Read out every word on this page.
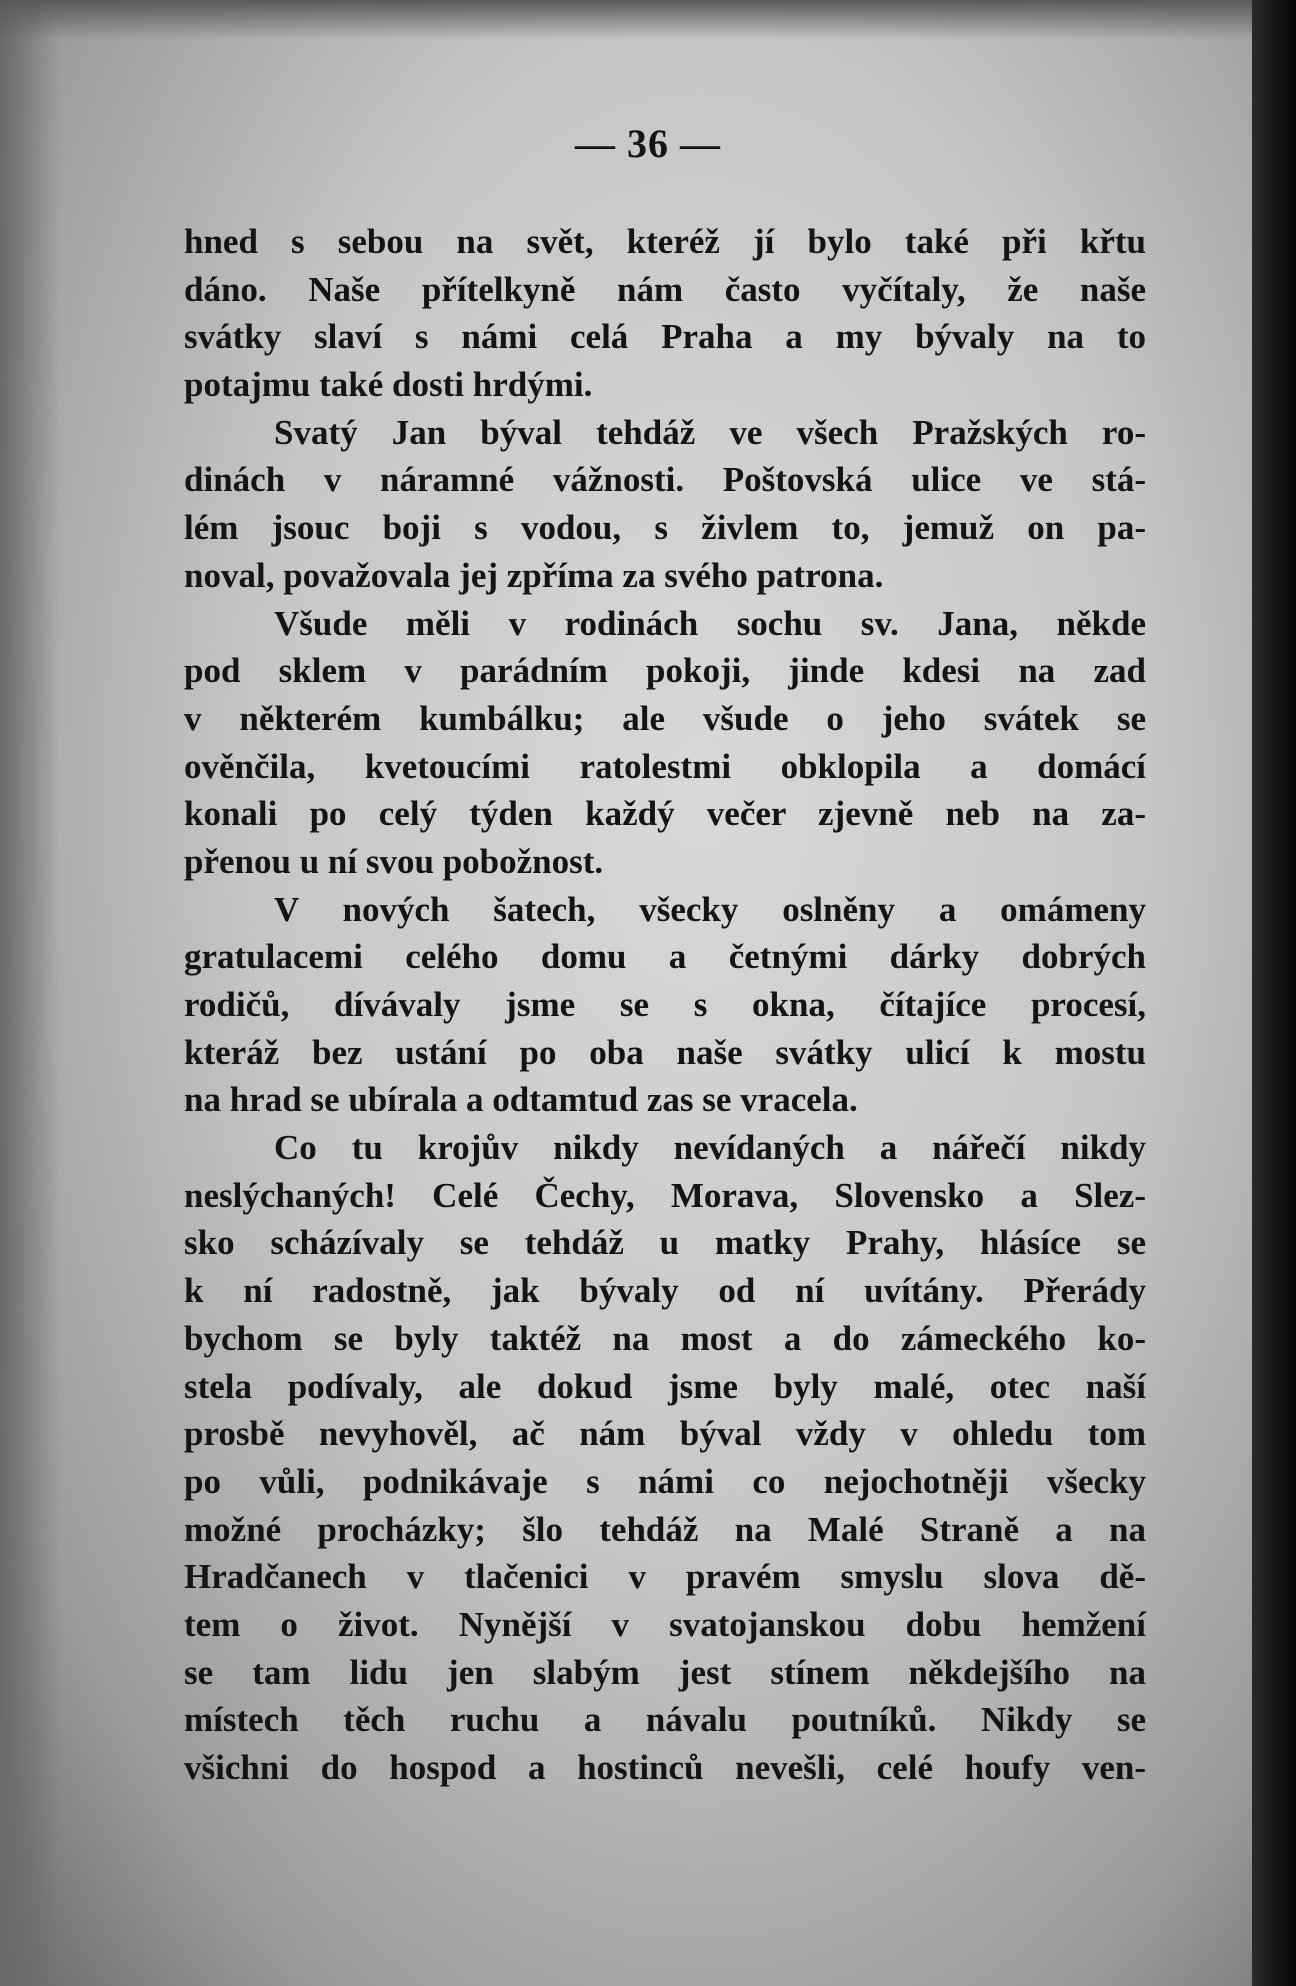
— 36 —
hned s sebou na svět, kteréž jí bylo také při křtu
dáno. Naše přítelkyně nám často vyčítaly, že naše
svátky slaví s námi celá Praha a my bývaly na to
potajmu také dosti hrdými.
Svatý Jan býval tehdáž ve všech Pražských ro-
dinách v náramné vážnosti. Poštovská ulice ve stá-
lém jsouc boji s vodou, s živlem to, jemuž on pa-
noval, považovala jej zpříma za svého patrona.
Všude měli v rodinách sochu sv. Jana, někde
pod sklem v parádním pokoji, jinde kdesi na zad
v některém kumbálku; ale všude o jeho svátek se
ověnčila, kvetoucími ratolestmi obklopila a domácí
konali po celý týden každý večer zjevně neb na za-
přenou u ní svou pobožnost.
V nových šatech, všecky oslněny a omámeny
gratulacemi celého domu a četnými dárky dobrých
rodičů, dívávaly jsme se s okna, čítajíce procesí,
kteráž bez ustání po oba naše svátky ulicí k mostu
na hrad se ubírala a odtamtud zas se vracela.
Co tu krojův nikdy nevídaných a nářečí nikdy
neslýchaných! Celé Čechy, Morava, Slovensko a Slez-
sko scházívaly se tehdáž u matky Prahy, hlásíce se
k ní radostně, jak bývaly od ní uvítány. Přerády
bychom se byly taktéž na most a do zámeckého ko-
stela podívaly, ale dokud jsme byly malé, otec naší
prosbě nevyhověl, ač nám býval vždy v ohledu tom
po vůli, podnikávaje s námi co nejochotněji všecky
možné procházky; šlo tehdáž na Malé Straně a na
Hradčanech v tlačenici v pravém smyslu slova dě-
tem o život. Nynější v svatojanskou dobu hemžení
se tam lidu jen slabým jest stínem někdejšího na
místech těch ruchu a návalu poutníků. Nikdy se
všichni do hospod a hostinců nevešli, celé houfy ven-
